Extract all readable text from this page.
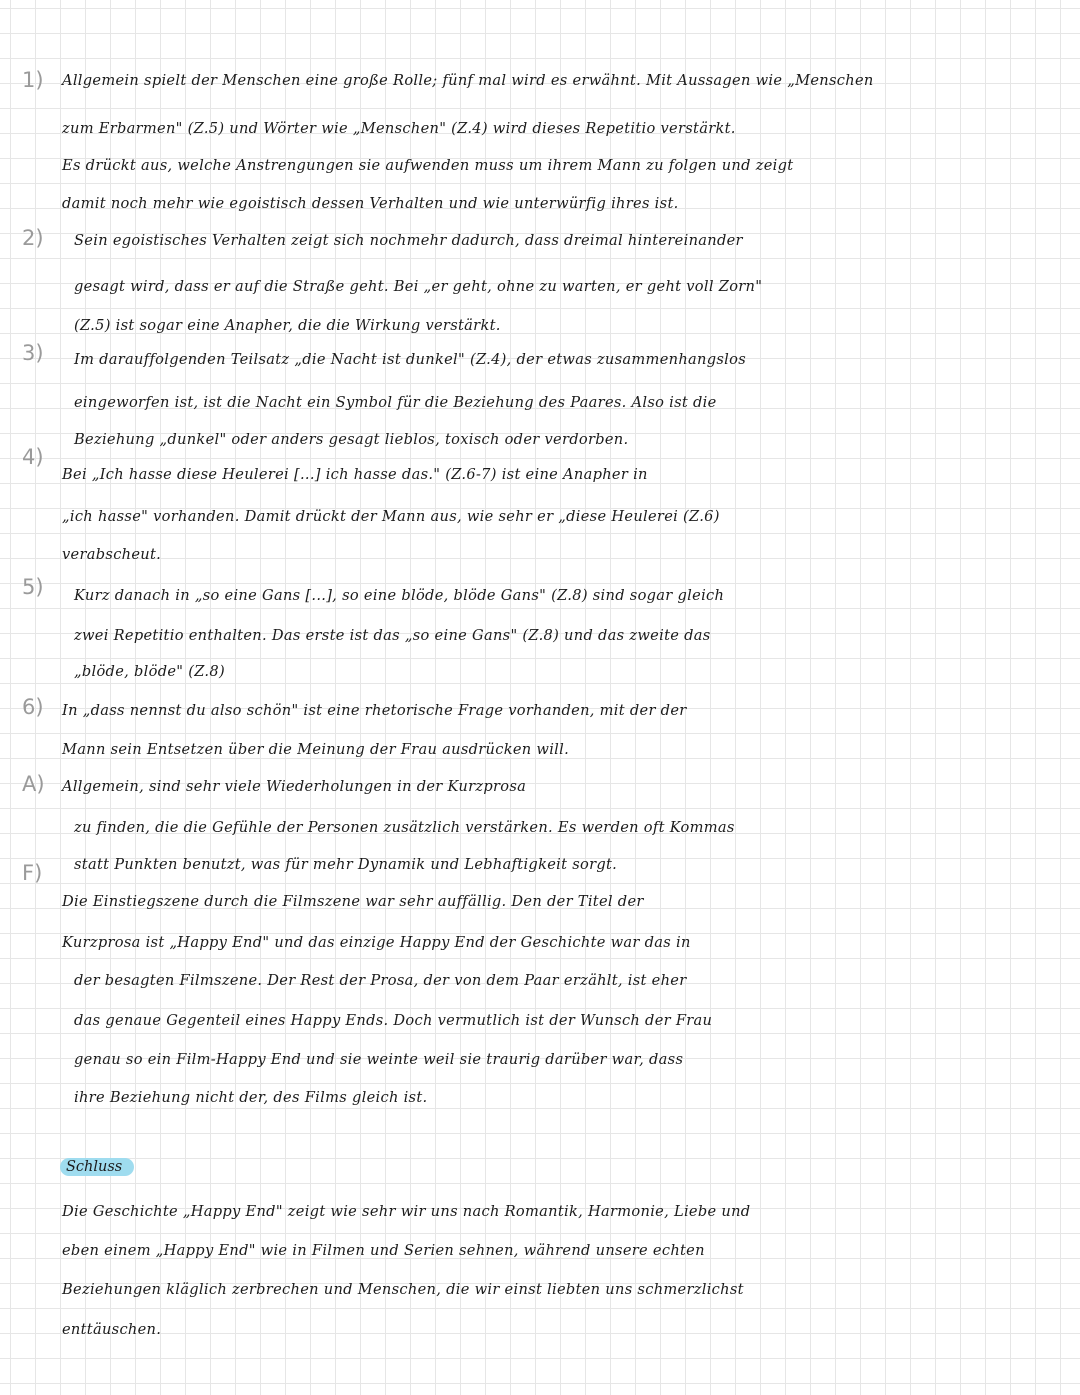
1) Allgemein spielt der Menschen eine große Rolle; fünf mal wird es erwähnt. Mit Aussagen wie „Menschen
zum Erbarmen" (Z.5) und Wörter wie „Menschen" (Z.4) wird dieses Repetitio verstärkt.
Es drückt aus, welche Anstrengungen sie aufwenden muss um ihrem Mann zu folgen und zeigt
damit noch mehr wie egoistisch dessen Verhalten und wie unterwürfig ihres ist.
2) Sein egoistisches Verhalten zeigt sich nochmehr dadurch, dass dreimal hintereinander
gesagt wird, dass er auf die Straße geht. Bei „er geht, ohne zu warten, er geht voll Zorn"
(Z.5) ist sogar eine Anapher, die die Wirkung verstärkt.
3) Im darauffolgenden Teilsatz „die Nacht ist dunkel" (Z.4), der etwas zusammenhangslos
eingeworfen ist, ist die Nacht ein Symbol für die Beziehung des Paares. Also ist die
Beziehung „dunkel" oder anders gesagt lieblos, toxisch oder verdorben.
4)
Bei „Ich hasse diese Heulerei [...] ich hasse das." (Z.6-7) ist eine Anapher in
„ich hasse" vorhanden. Damit drückt der Mann aus, wie sehr er „diese Heulerei (Z.6)
verabscheut.
5) Kurz danach in „so eine Gans [...], so eine blöde, blöde Gans" (Z.8) sind sogar gleich
zwei Repetitio enthalten. Das erste ist das „so eine Gans" (Z.8) und das zweite das
„blöde, blöde" (Z.8)
6) In „dass nennst du also schön" ist eine rhetorische Frage vorhanden, mit der der
Mann sein Entsetzen über die Meinung der Frau ausdrücken will.
A) Allgemein, sind sehr viele Wiederholungen in der Kurzprosa
zu finden, die die Gefühle der Personen zusätzlich verstärken. Es werden oft Kommas
statt Punkten benutzt, was für mehr Dynamik und Lebhaftigkeit sorgt.
F)
Die Einstiegszene durch die Filmszene war sehr auffällig. Den der Titel der
Kurzprosa ist „Happy End" und das einzige Happy End der Geschichte war das in
der besagten Filmszene. Der Rest der Prosa, der von dem Paar erzählt, ist eher
das genaue Gegenteil eines Happy Ends. Doch vermutlich ist der Wunsch der Frau
genau so ein Film-Happy End und sie weinte weil sie traurig darüber war, dass
ihre Beziehung nicht der, des Films gleich ist.
Schluss
Die Geschichte „Happy End" zeigt wie sehr wir uns nach Romantik, Harmonie, Liebe und
eben einem „Happy End" wie in Filmen und Serien sehnen, während unsere echten
Beziehungen kläglich zerbrechen und Menschen, die wir einst liebten uns schmerzlichst
enttäuschen.
